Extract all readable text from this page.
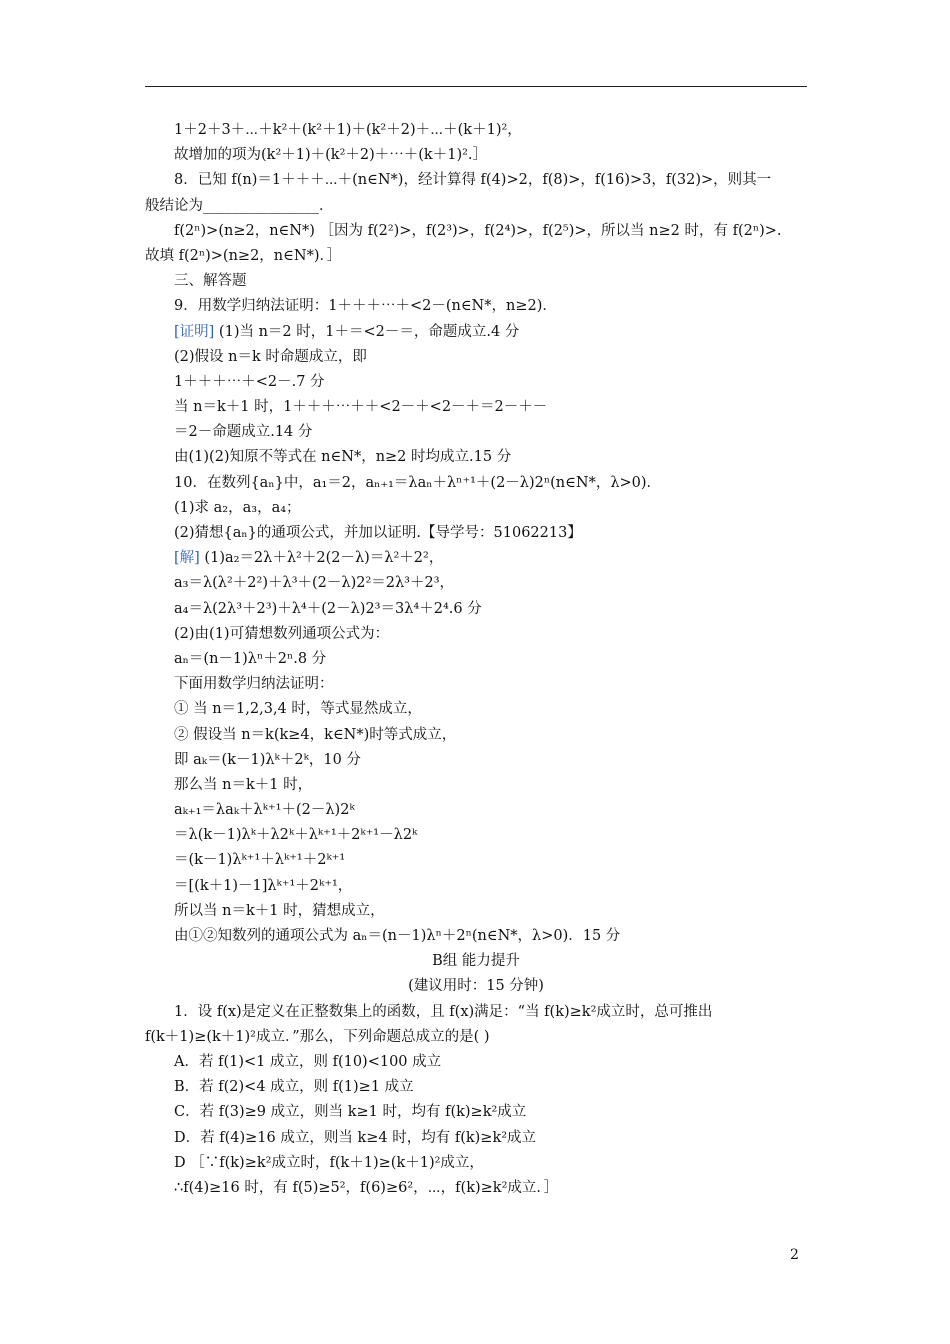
1＋2＋3＋⋯＋k²＋(k²＋1)＋(k²＋2)＋⋯＋(k＋1)²，
故增加的项为(k²＋1)＋(k²＋2)＋⋯＋(k＋1)².］
8．已知 f(n)＝1＋＋＋⋯＋(n∈N*)，经计算得 f(4)>2，f(8)>，f(16)>3，f(32)>，则其一
般结论为________________．
f(2ⁿ)>(n≥2，n∈N*) ［因为 f(2²)>，f(2³)>，f(2⁴)>，f(2⁵)>，所以当 n≥2 时，有 f(2ⁿ)>.
故填 f(2ⁿ)>(n≥2，n∈N*)．］
三、解答题
9．用数学归纳法证明：1＋＋＋⋯＋<2－(n∈N*，n≥2)．
[证明] (1)当 n＝2 时，1＋＝<2－＝，命题成立.4 分
(2)假设 n＝k 时命题成立，即
1＋＋＋⋯＋<2－.7 分
当 n＝k＋1 时，1＋＋＋⋯＋＋<2－＋<2－＋＝2－＋－
＝2－命题成立.14 分
由(1)(2)知原不等式在 n∈N*，n≥2 时均成立.15 分
10．在数列{aₙ}中，a₁＝2，aₙ₊₁＝λaₙ＋λⁿ⁺¹＋(2－λ)2ⁿ(n∈N*，λ>0)．
(1)求 a₂，a₃，a₄；
(2)猜想{aₙ}的通项公式，并加以证明.【导学号：51062213】
[解] (1)a₂＝2λ＋λ²＋2(2－λ)＝λ²＋2²，
a₃＝λ(λ²＋2²)＋λ³＋(2－λ)2²＝2λ³＋2³，
a₄＝λ(2λ³＋2³)＋λ⁴＋(2－λ)2³＝3λ⁴＋2⁴.6 分
(2)由(1)可猜想数列通项公式为：
aₙ＝(n－1)λⁿ＋2ⁿ.8 分
下面用数学归纳法证明：
① 当 n＝1,2,3,4 时，等式显然成立，
② 假设当 n＝k(k≥4，k∈N*)时等式成立，
即 aₖ＝(k－1)λᵏ＋2ᵏ，10 分
那么当 n＝k＋1 时，
aₖ₊₁＝λaₖ＋λᵏ⁺¹＋(2－λ)2ᵏ
＝λ(k－1)λᵏ＋λ2ᵏ＋λᵏ⁺¹＋2ᵏ⁺¹－λ2ᵏ
＝(k－1)λᵏ⁺¹＋λᵏ⁺¹＋2ᵏ⁺¹
＝[(k＋1)－1]λᵏ⁺¹＋2ᵏ⁺¹，
所以当 n＝k＋1 时，猜想成立，
由①②知数列的通项公式为 aₙ＝(n－1)λⁿ＋2ⁿ(n∈N*，λ>0)．15 分
B组 能力提升
(建议用时：15 分钟)
1．设 f(x)是定义在正整数集上的函数，且 f(x)满足：“当 f(k)≥k²成立时，总可推出
f(k＋1)≥(k＋1)²成立．”那么，下列命题总成立的是( )
A．若 f(1)<1 成立，则 f(10)<100 成立
B．若 f(2)<4 成立，则 f(1)≥1 成立
C．若 f(3)≥9 成立，则当 k≥1 时，均有 f(k)≥k²成立
D．若 f(4)≥16 成立，则当 k≥4 时，均有 f(k)≥k²成立
D ［∵f(k)≥k²成立时，f(k＋1)≥(k＋1)²成立，
∴f(4)≥16 时，有 f(5)≥5²，f(6)≥6²，⋯，f(k)≥k²成立．］
2
